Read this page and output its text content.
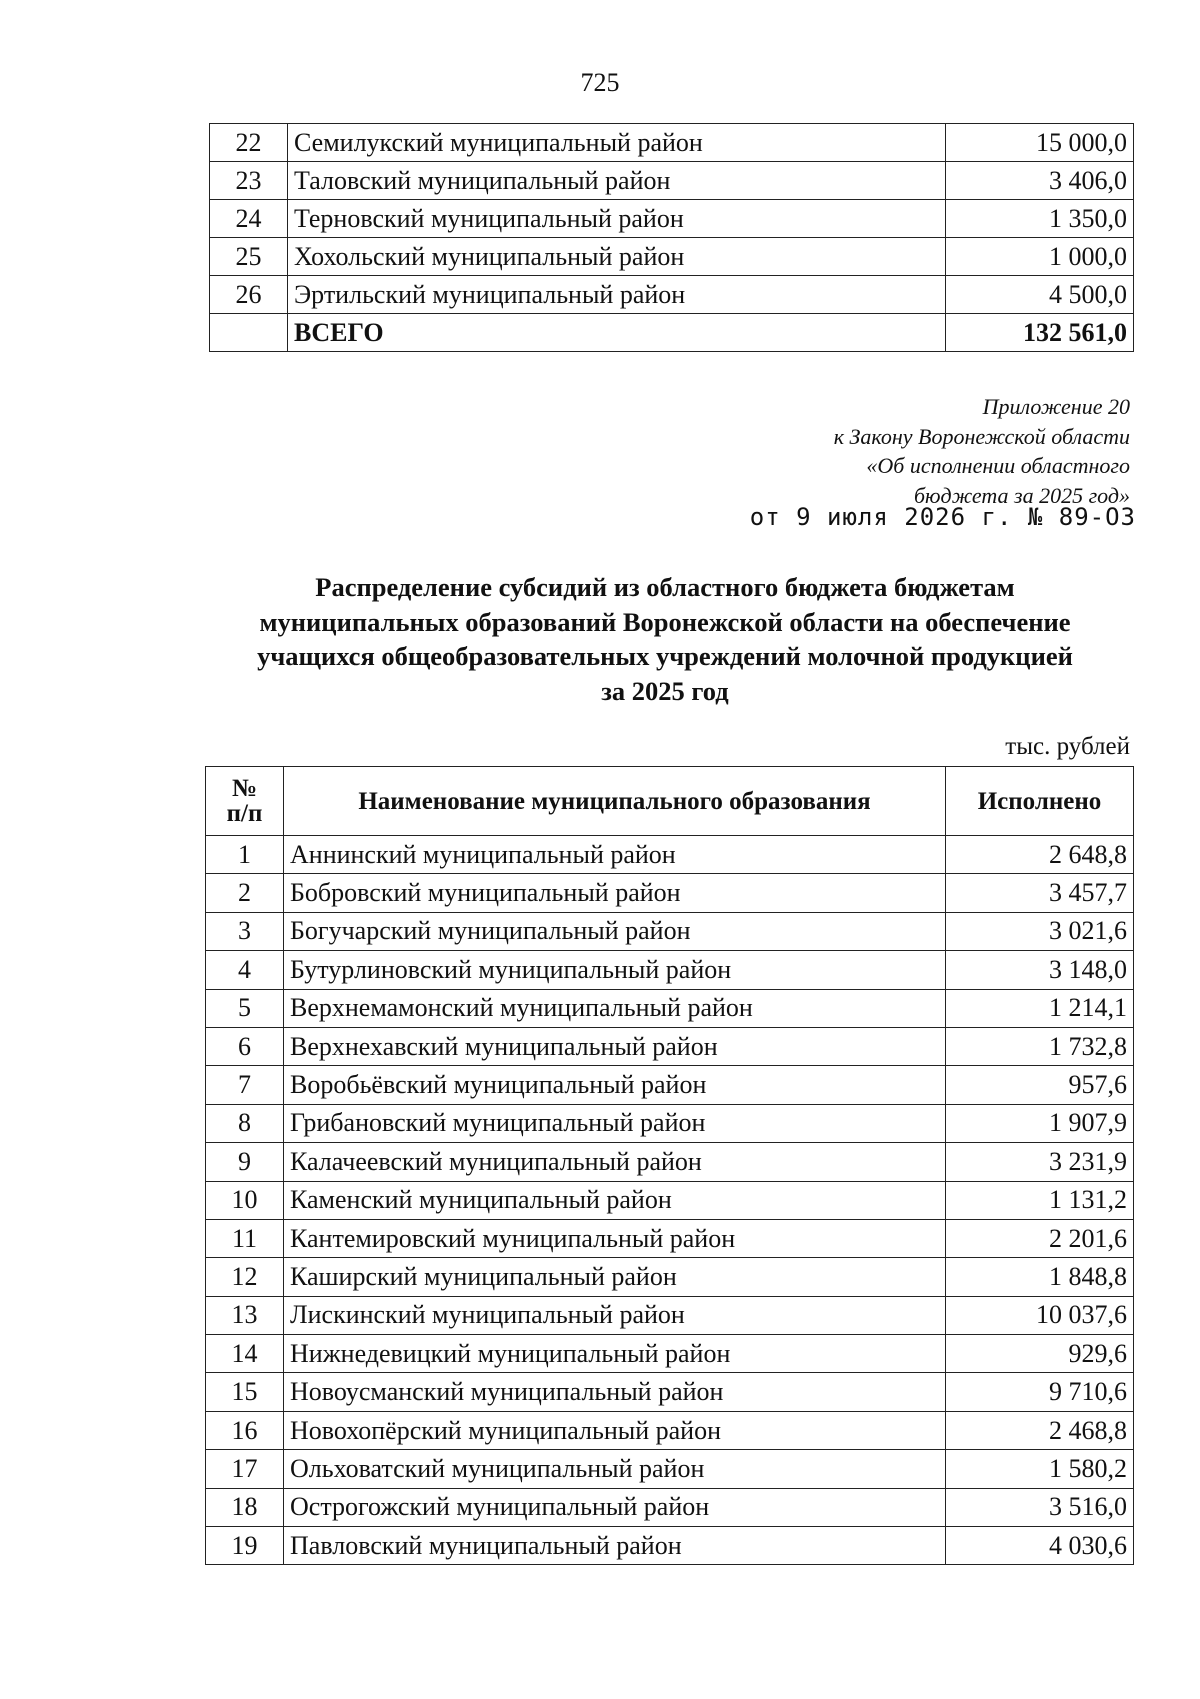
725
22	Семилукский муниципальный район	15 000,0
23	Таловский муниципальный район	3 406,0
24	Терновский муниципальный район	1 350,0
25	Хохольский муниципальный район	1 000,0
26	Эртильский муниципальный район	4 500,0
	ВСЕГО	132 561,0
Приложение 20
к Закону Воронежской области
«Об исполнении областного
бюджета за 2025 год»
от 9 июля 2026 г. № 89-ОЗ
Распределение субсидий из областного бюджета бюджетам
муниципальных образований Воронежской области на обеспечение
учащихся общеобразовательных учреждений молочной продукцией
за 2025 год
тыс. рублей
№
п/п	Наименование муниципального образования	Исполнено
1	Аннинский муниципальный район	2 648,8
2	Бобровский муниципальный район	3 457,7
3	Богучарский муниципальный район	3 021,6
4	Бутурлиновский муниципальный район	3 148,0
5	Верхнемамонский муниципальный район	1 214,1
6	Верхнехавский муниципальный район	1 732,8
7	Воробьёвский муниципальный район	957,6
8	Грибановский муниципальный район	1 907,9
9	Калачеевский муниципальный район	3 231,9
10	Каменский муниципальный район	1 131,2
11	Кантемировский муниципальный район	2 201,6
12	Каширский муниципальный район	1 848,8
13	Лискинский муниципальный район	10 037,6
14	Нижнедевицкий муниципальный район	929,6
15	Новоусманский муниципальный район	9 710,6
16	Новохопёрский муниципальный район	2 468,8
17	Ольховатский муниципальный район	1 580,2
18	Острогожский муниципальный район	3 516,0
19	Павловский муниципальный район	4 030,6
